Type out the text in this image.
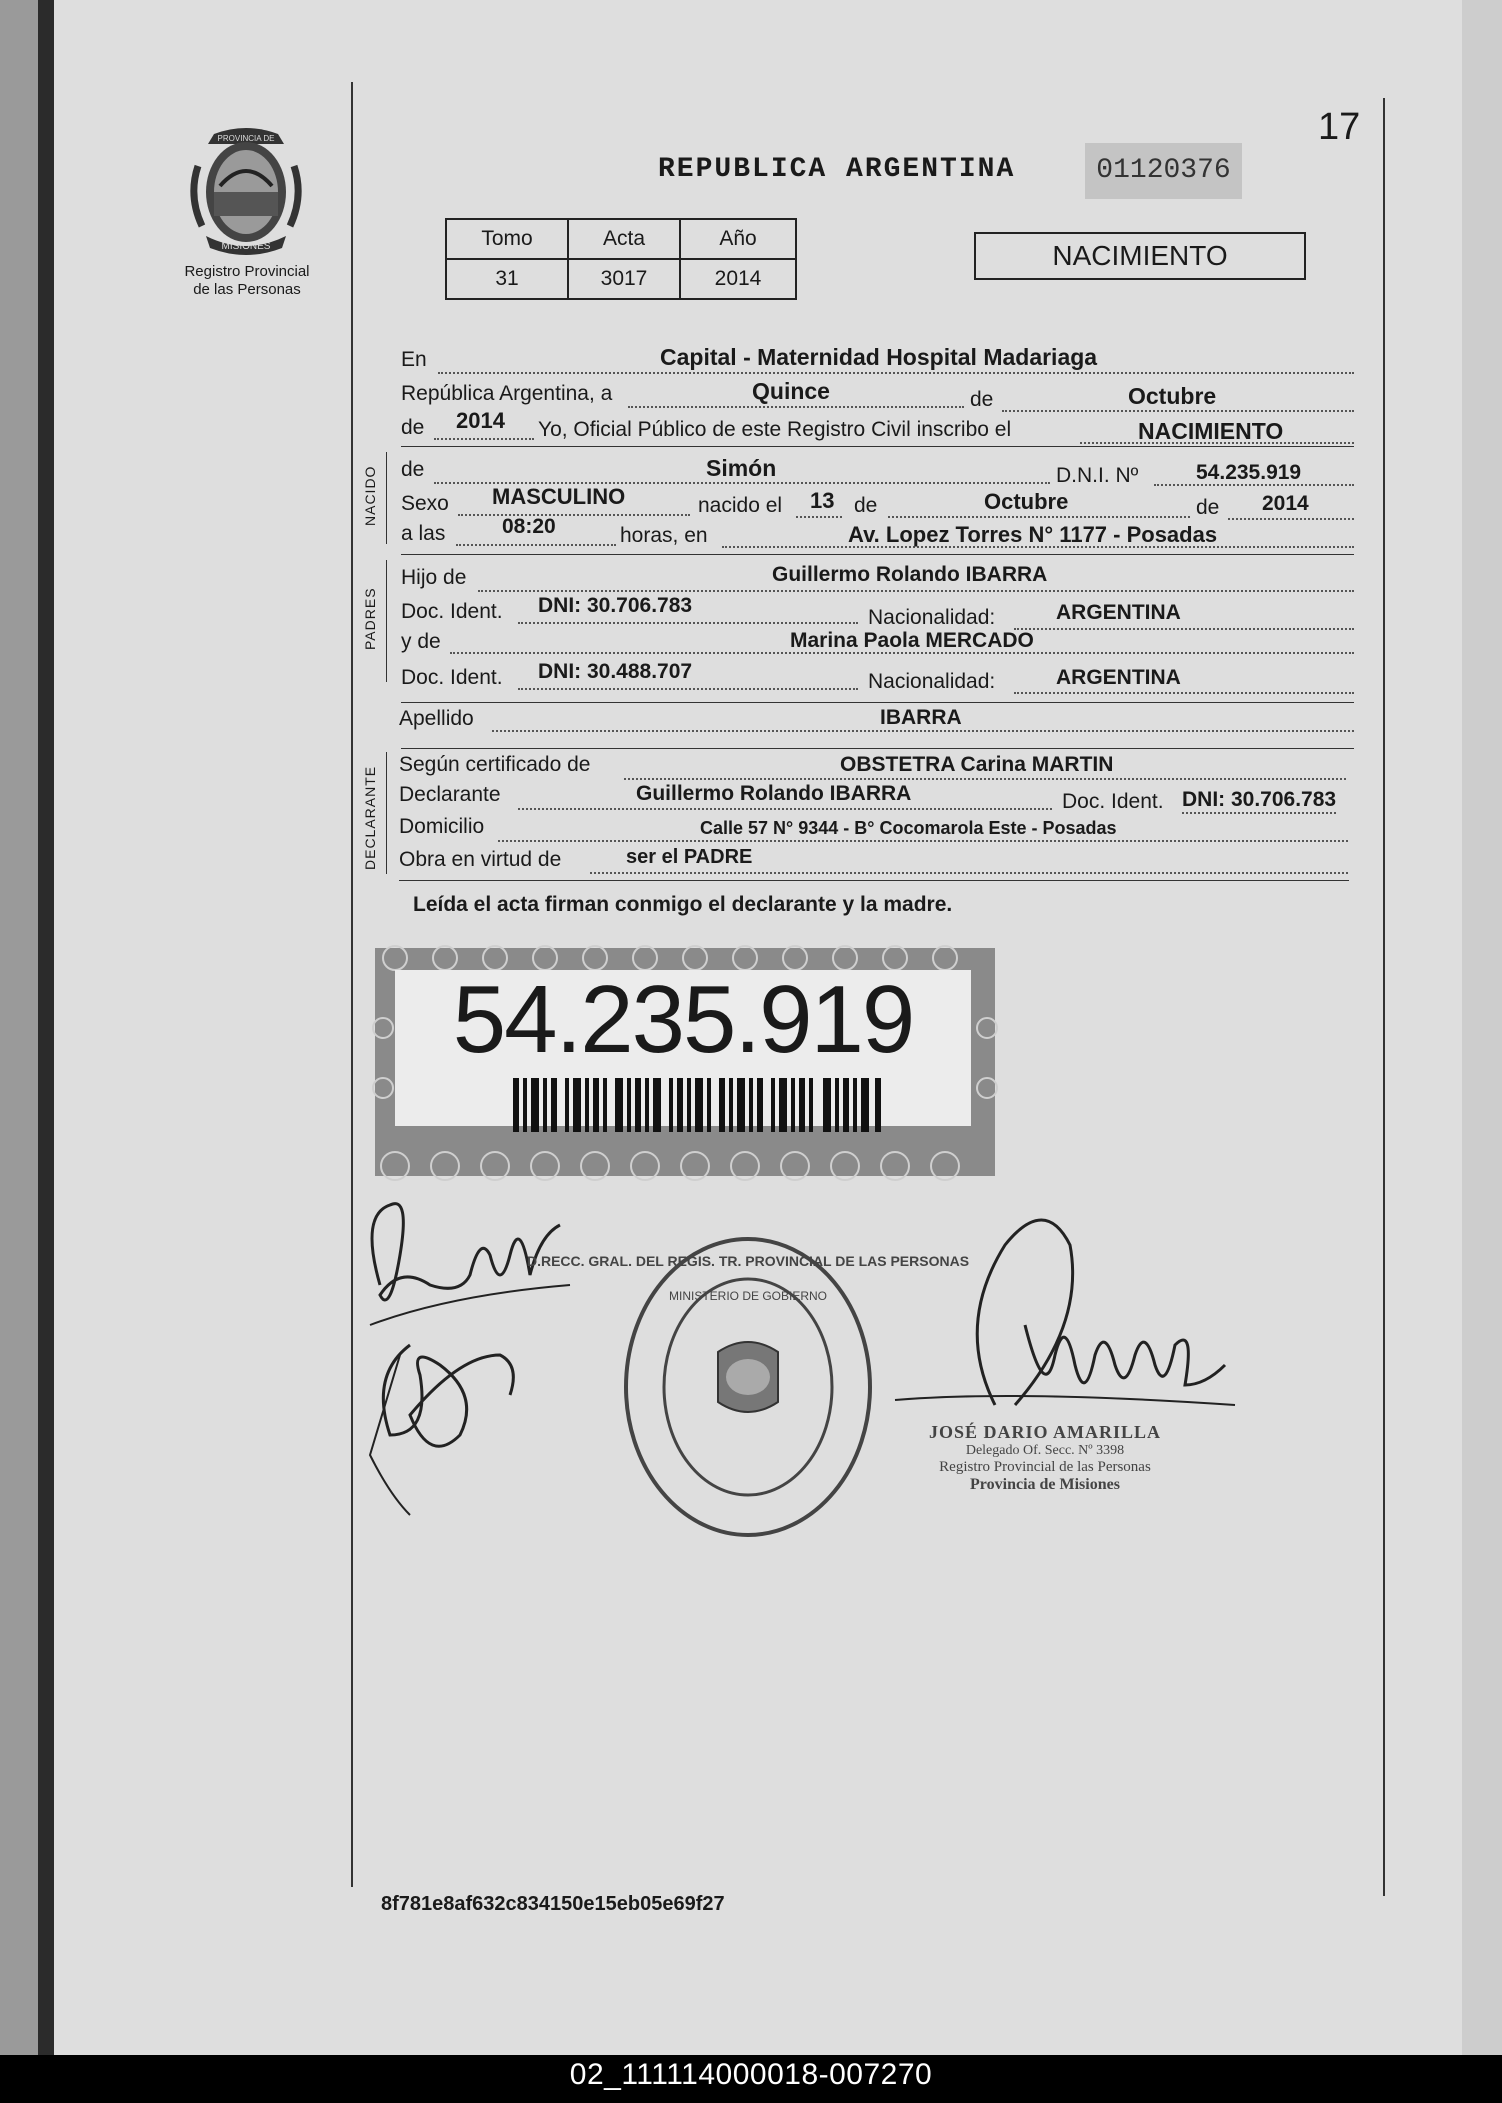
PROVINCIA DE
MISIONES
Registro Provincial
de las Personas
17
REPUBLICA ARGENTINA	01120376
NACIMIENTO
Tomo	Acta	Año
31	3017	2014
En	Capital - Maternidad Hospital Madariaga
República Argentina, a	Quince	de	Octubre
de 2014 Yo, Oficial Público de este Registro Civil inscribo el	NACIMIENTO
NACIDO de	Simón	D.N.I. Nº	54.235.919
Sexo MASCULINO	nacido el 13 de	Octubre	de 2014
a las	08:20	horas, en	Av. Lopez Torres N° 1177 - Posadas
PADRES
Hijo de	Guillermo Rolando IBARRA
Doc. Ident. DNI: 30.706.783
Nacionalidad:	ARGENTINA
y de	Marina Paola MERCADO
Doc. Ident. DNI: 30.488.707	Nacionalidad:	ARGENTINA
Apellido	IBARRA
DECLARANTE
Según certificado de	OBSTETRA Carina MARTIN
Declarante	Guillermo Rolando IBARRA	Doc. Ident. DNI: 30.706.783
Domicilio	Calle 57 N° 9344 - B° Cocomarola Este - Posadas
Obra en virtud de	ser el PADRE
Leída el acta firman conmigo el declarante y la madre.
54.235.919
D.RECC. GRAL. DEL REGIS. TR. PROVINCIAL DE LAS PERSONAS
MINISTERIO DE GOBIERNO
JOSÉ DARIO AMARILLA
Delegado Of. Secc. Nº 3398
Registro Provincial de las Personas
Provincia de Misiones
8f781e8af632c834150e15eb05e69f27
02_111114000018-007270
